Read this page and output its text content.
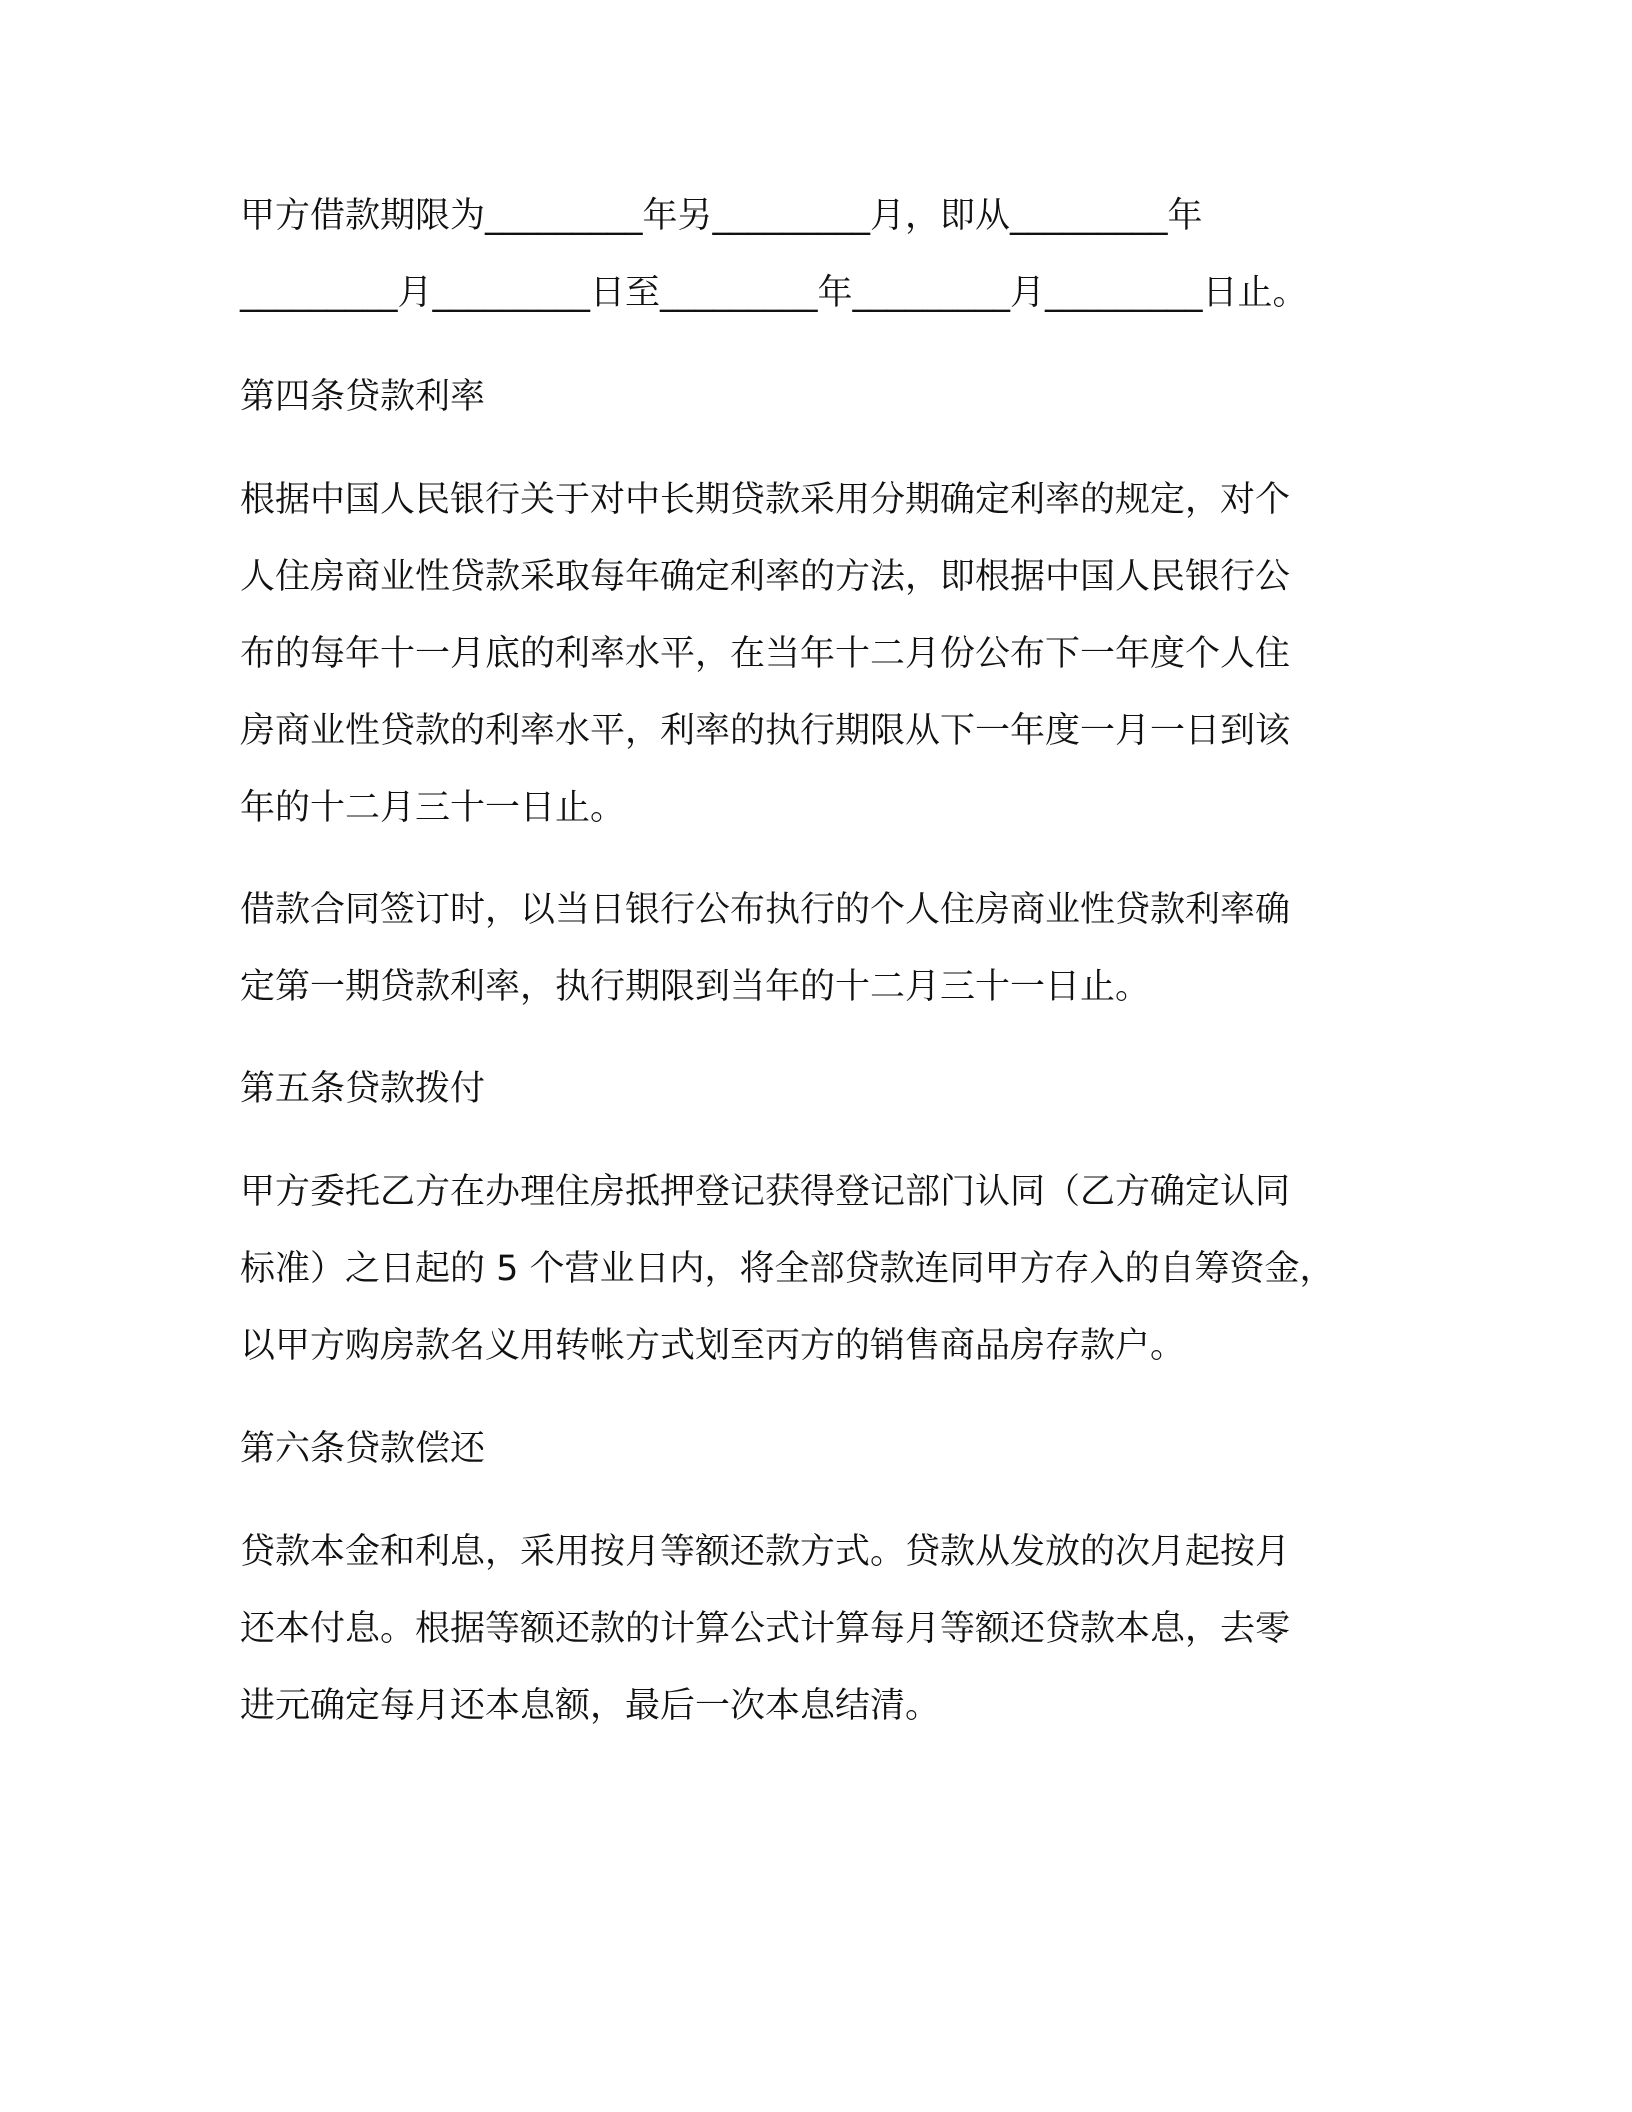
甲方借款期限为_________年另_________月，即从_________年
_________月_________日至_________年_________月_________日止。

第四条贷款利率

根据中国人民银行关于对中长期贷款采用分期确定利率的规定，对个
人住房商业性贷款采取每年确定利率的方法，即根据中国人民银行公
布的每年十一月底的利率水平，在当年十二月份公布下一年度个人住
房商业性贷款的利率水平，利率的执行期限从下一年度一月一日到该
年的十二月三十一日止。

借款合同签订时，以当日银行公布执行的个人住房商业性贷款利率确
定第一期贷款利率，执行期限到当年的十二月三十一日止。

第五条贷款拨付

甲方委托乙方在办理住房抵押登记获得登记部门认同（乙方确定认同
标准）之日起的 5 个营业日内，将全部贷款连同甲方存入的自筹资金，
以甲方购房款名义用转帐方式划至丙方的销售商品房存款户。

第六条贷款偿还

贷款本金和利息，采用按月等额还款方式。贷款从发放的次月起按月
还本付息。根据等额还款的计算公式计算每月等额还贷款本息，去零
进元确定每月还本息额，最后一次本息结清。
